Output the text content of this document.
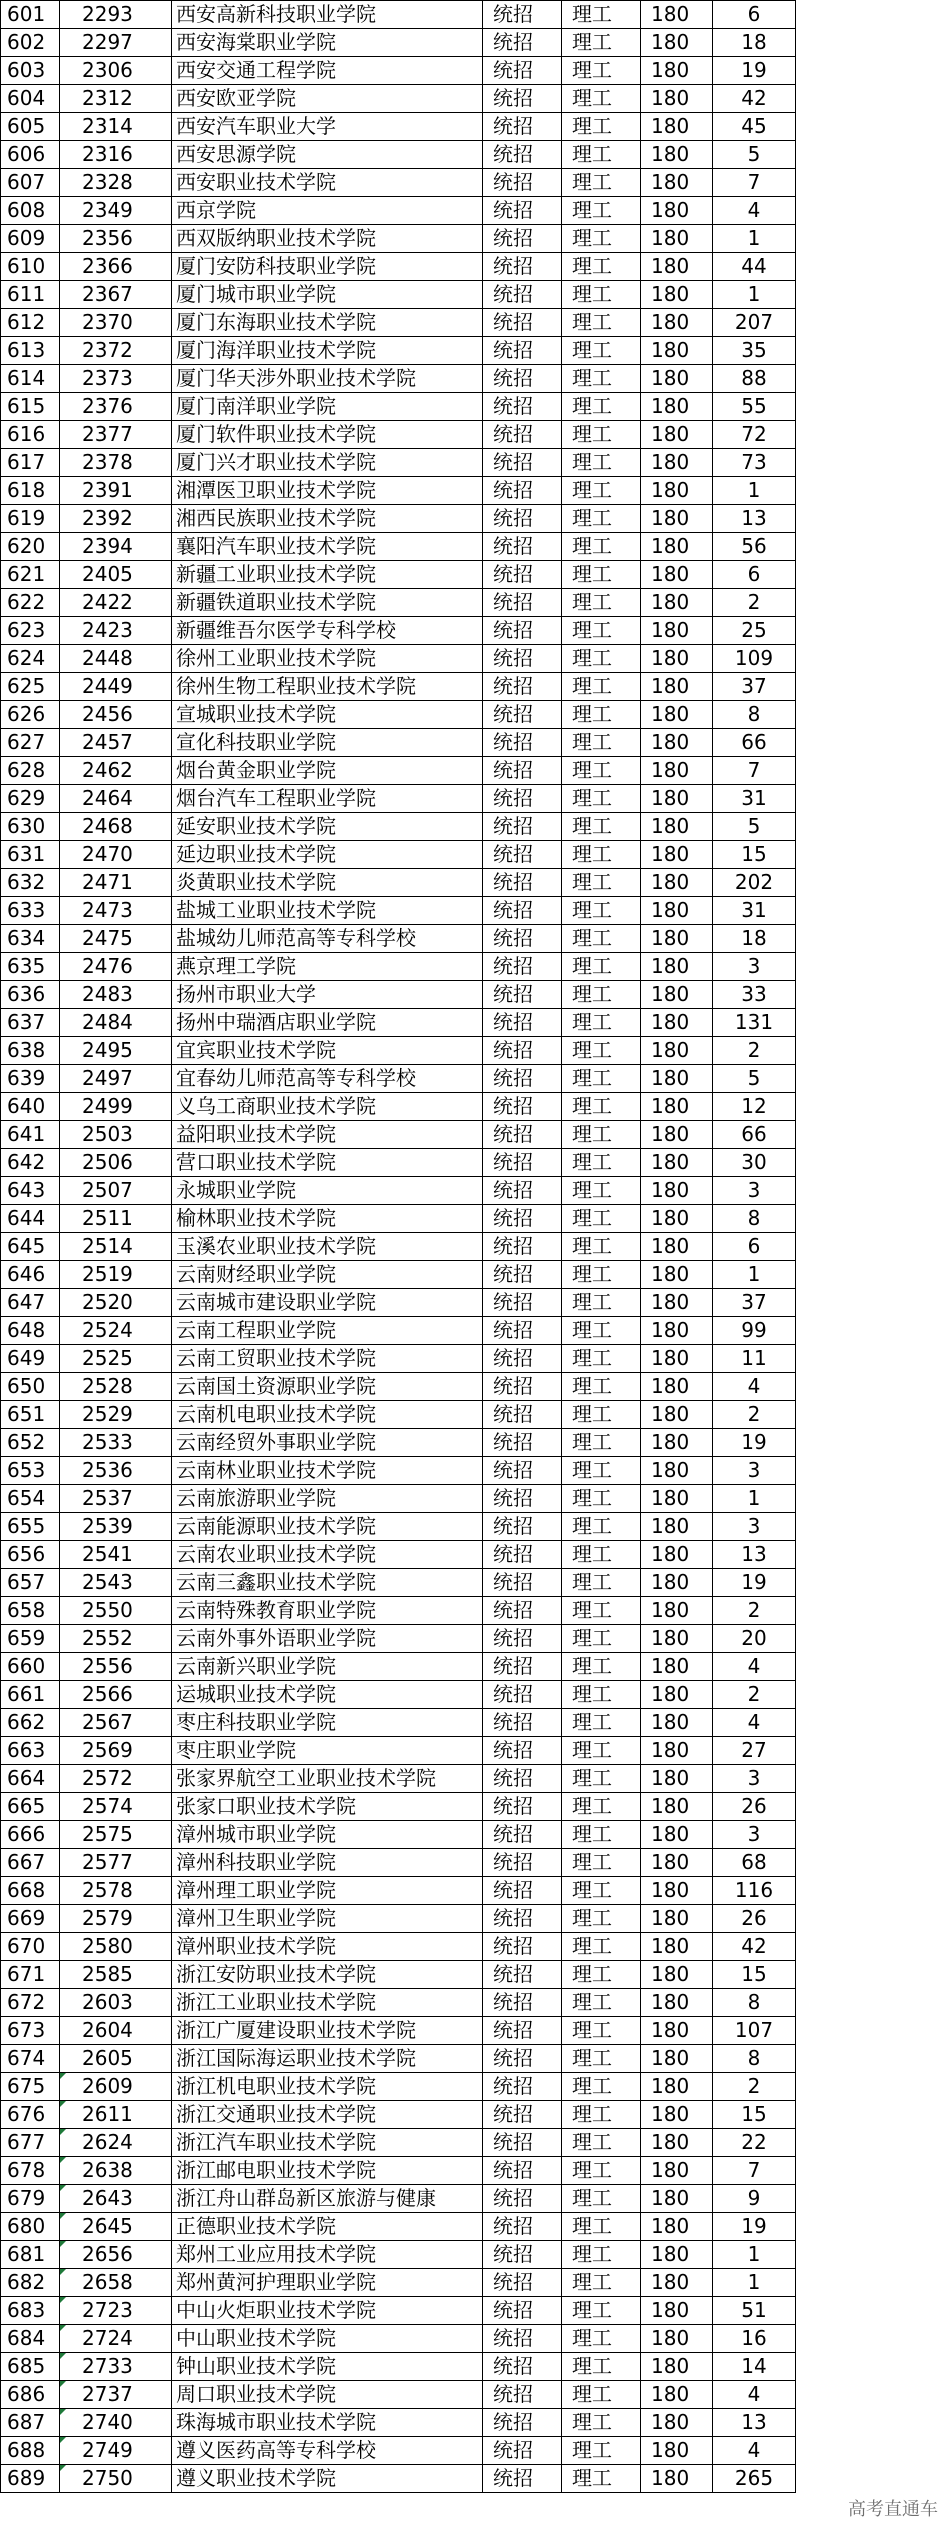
601	2293	西安高新科技职业学院	统招	理工	180	6	
602	2297	西安海棠职业学院	统招	理工	180	18	
603	2306	西安交通工程学院	统招	理工	180	19	
604	2312	西安欧亚学院	统招	理工	180	42	
605	2314	西安汽车职业大学	统招	理工	180	45	
606	2316	西安思源学院	统招	理工	180	5	
607	2328	西安职业技术学院	统招	理工	180	7	
608	2349	西京学院	统招	理工	180	4	
609	2356	西双版纳职业技术学院	统招	理工	180	1	
610	2366	厦门安防科技职业学院	统招	理工	180	44	
611	2367	厦门城市职业学院	统招	理工	180	1	
612	2370	厦门东海职业技术学院	统招	理工	180	207	
613	2372	厦门海洋职业技术学院	统招	理工	180	35	
614	2373	厦门华天涉外职业技术学院	统招	理工	180	88	
615	2376	厦门南洋职业学院	统招	理工	180	55	
616	2377	厦门软件职业技术学院	统招	理工	180	72	
617	2378	厦门兴才职业技术学院	统招	理工	180	73	
618	2391	湘潭医卫职业技术学院	统招	理工	180	1	
619	2392	湘西民族职业技术学院	统招	理工	180	13	
620	2394	襄阳汽车职业技术学院	统招	理工	180	56	
621	2405	新疆工业职业技术学院	统招	理工	180	6	
622	2422	新疆铁道职业技术学院	统招	理工	180	2	
623	2423	新疆维吾尔医学专科学校	统招	理工	180	25	
624	2448	徐州工业职业技术学院	统招	理工	180	109	
625	2449	徐州生物工程职业技术学院	统招	理工	180	37	
626	2456	宣城职业技术学院	统招	理工	180	8	
627	2457	宣化科技职业学院	统招	理工	180	66	
628	2462	烟台黄金职业学院	统招	理工	180	7	
629	2464	烟台汽车工程职业学院	统招	理工	180	31	
630	2468	延安职业技术学院	统招	理工	180	5	
631	2470	延边职业技术学院	统招	理工	180	15	
632	2471	炎黄职业技术学院	统招	理工	180	202	
633	2473	盐城工业职业技术学院	统招	理工	180	31	
634	2475	盐城幼儿师范高等专科学校	统招	理工	180	18	
635	2476	燕京理工学院	统招	理工	180	3	
636	2483	扬州市职业大学	统招	理工	180	33	
637	2484	扬州中瑞酒店职业学院	统招	理工	180	131	
638	2495	宜宾职业技术学院	统招	理工	180	2	
639	2497	宜春幼儿师范高等专科学校	统招	理工	180	5	
640	2499	义乌工商职业技术学院	统招	理工	180	12	
641	2503	益阳职业技术学院	统招	理工	180	66	
642	2506	营口职业技术学院	统招	理工	180	30	
643	2507	永城职业学院	统招	理工	180	3	
644	2511	榆林职业技术学院	统招	理工	180	8	
645	2514	玉溪农业职业技术学院	统招	理工	180	6	
646	2519	云南财经职业学院	统招	理工	180	1	
647	2520	云南城市建设职业学院	统招	理工	180	37	
648	2524	云南工程职业学院	统招	理工	180	99	
649	2525	云南工贸职业技术学院	统招	理工	180	11	
650	2528	云南国土资源职业学院	统招	理工	180	4	
651	2529	云南机电职业技术学院	统招	理工	180	2	
652	2533	云南经贸外事职业学院	统招	理工	180	19	
653	2536	云南林业职业技术学院	统招	理工	180	3	
654	2537	云南旅游职业学院	统招	理工	180	1	
655	2539	云南能源职业技术学院	统招	理工	180	3	
656	2541	云南农业职业技术学院	统招	理工	180	13	
657	2543	云南三鑫职业技术学院	统招	理工	180	19	
658	2550	云南特殊教育职业学院	统招	理工	180	2	
659	2552	云南外事外语职业学院	统招	理工	180	20	
660	2556	云南新兴职业学院	统招	理工	180	4	
661	2566	运城职业技术学院	统招	理工	180	2	
662	2567	枣庄科技职业学院	统招	理工	180	4	
663	2569	枣庄职业学院	统招	理工	180	27	
664	2572	张家界航空工业职业技术学院	统招	理工	180	3	
665	2574	张家口职业技术学院	统招	理工	180	26	
666	2575	漳州城市职业学院	统招	理工	180	3	
667	2577	漳州科技职业学院	统招	理工	180	68	
668	2578	漳州理工职业学院	统招	理工	180	116	
669	2579	漳州卫生职业学院	统招	理工	180	26	
670	2580	漳州职业技术学院	统招	理工	180	42	
671	2585	浙江安防职业技术学院	统招	理工	180	15	
672	2603	浙江工业职业技术学院	统招	理工	180	8	
673	2604	浙江广厦建设职业技术学院	统招	理工	180	107	
674	2605	浙江国际海运职业技术学院	统招	理工	180	8	
675	2609	浙江机电职业技术学院	统招	理工	180	2	
676	2611	浙江交通职业技术学院	统招	理工	180	15	
677	2624	浙江汽车职业技术学院	统招	理工	180	22	
678	2638	浙江邮电职业技术学院	统招	理工	180	7	
679	2643	浙江舟山群岛新区旅游与健康	统招	理工	180	9	
680	2645	正德职业技术学院	统招	理工	180	19	
681	2656	郑州工业应用技术学院	统招	理工	180	1	
682	2658	郑州黄河护理职业学院	统招	理工	180	1	
683	2723	中山火炬职业技术学院	统招	理工	180	51	
684	2724	中山职业技术学院	统招	理工	180	16	
685	2733	钟山职业技术学院	统招	理工	180	14	
686	2737	周口职业技术学院	统招	理工	180	4	
687	2740	珠海城市职业技术学院	统招	理工	180	13	
688	2749	遵义医药高等专科学校	统招	理工	180	4	
689	2750	遵义职业技术学院	统招	理工	180	265	
高考直通车
